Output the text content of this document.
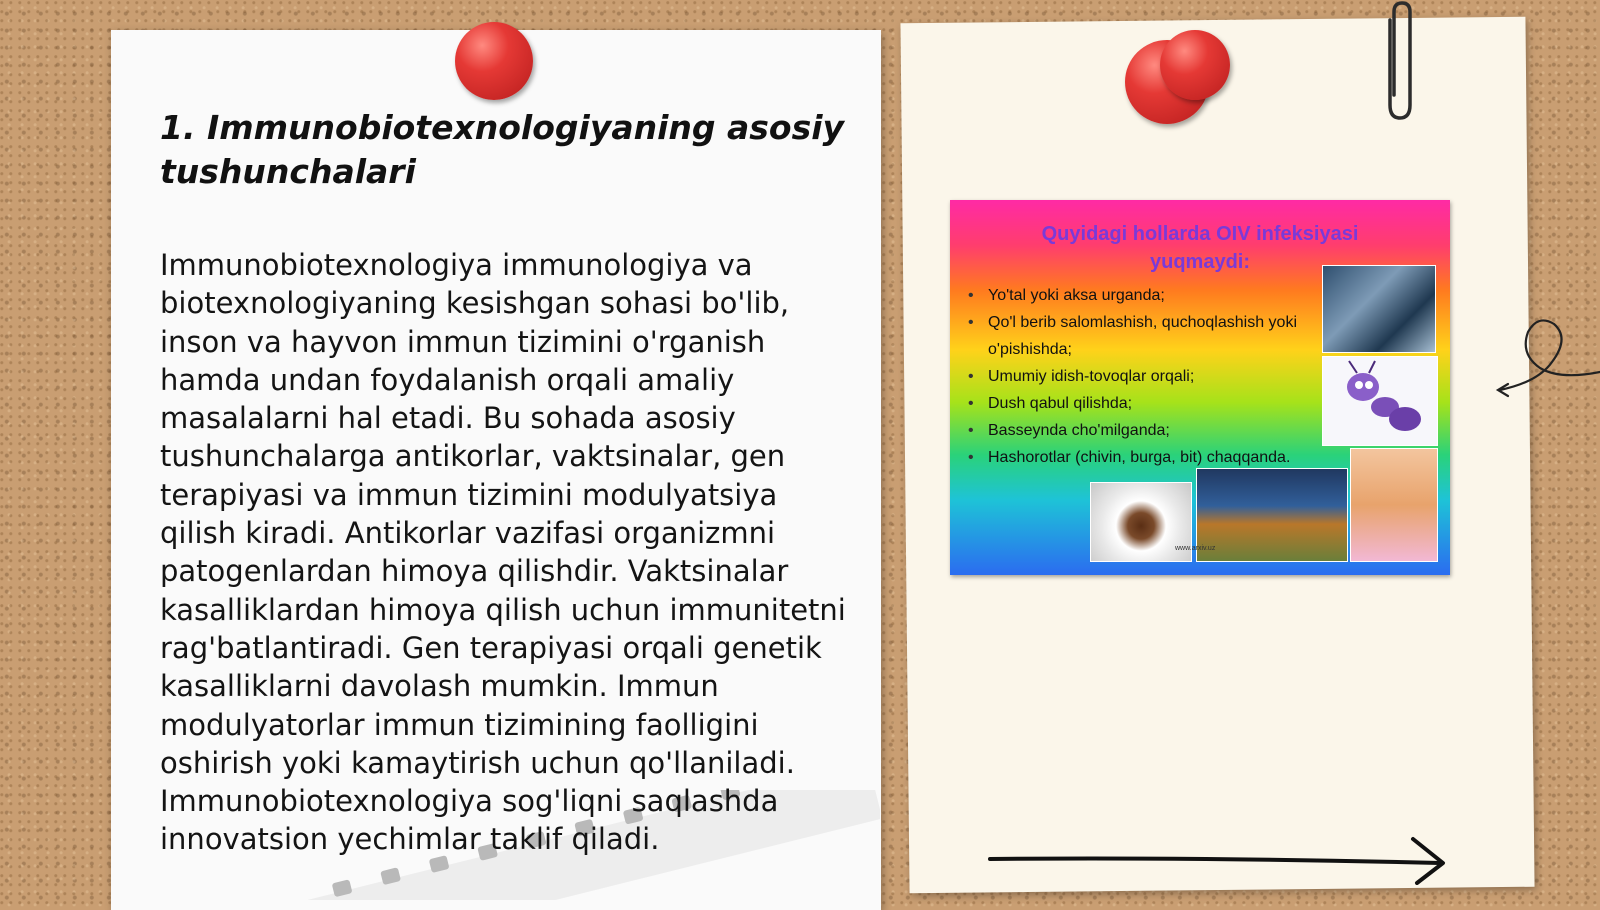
1. Immunobiotexnologiyaning asosiy tushunchalari

Immunobiotexnologiya immunologiya va biotexnologiyaning kesishgan sohasi bo'lib, inson va hayvon immun tizimini o'rganish hamda undan foydalanish orqali amaliy masalalarni hal etadi. Bu sohada asosiy tushunchalarga antikorlar, vaktsinalar, gen terapiyasi va immun tizimini modulyatsiya qilish kiradi. Antikorlar vazifasi organizmni patogenlardan himoya qilishdir. Vaktsinalar kasalliklardan himoya qilish uchun immunitetni rag'batlantiradi. Gen terapiyasi orqali genetik kasalliklarni davolash mumkin. Immun modulyatorlar immun tizimining faolligini oshirish yoki kamaytirish uchun qo'llaniladi. Immunobiotexnologiya sog'liqni saqlashda innovatsion yechimlar taklif qiladi.

Quyidagi hollarda OIV infeksiyasi yuqmaydi:
• Yo'tal yoki aksa urganda;
• Qo'l berib salomlashish, quchoqlashish yoki o'pishishda;
• Umumiy idish-tovoqlar orqali;
• Dush qabul qilishda;
• Basseynda cho'milganda;
• Hashorotlar (chivin, burga, bit) chaqqanda.
www.arxiv.uz
